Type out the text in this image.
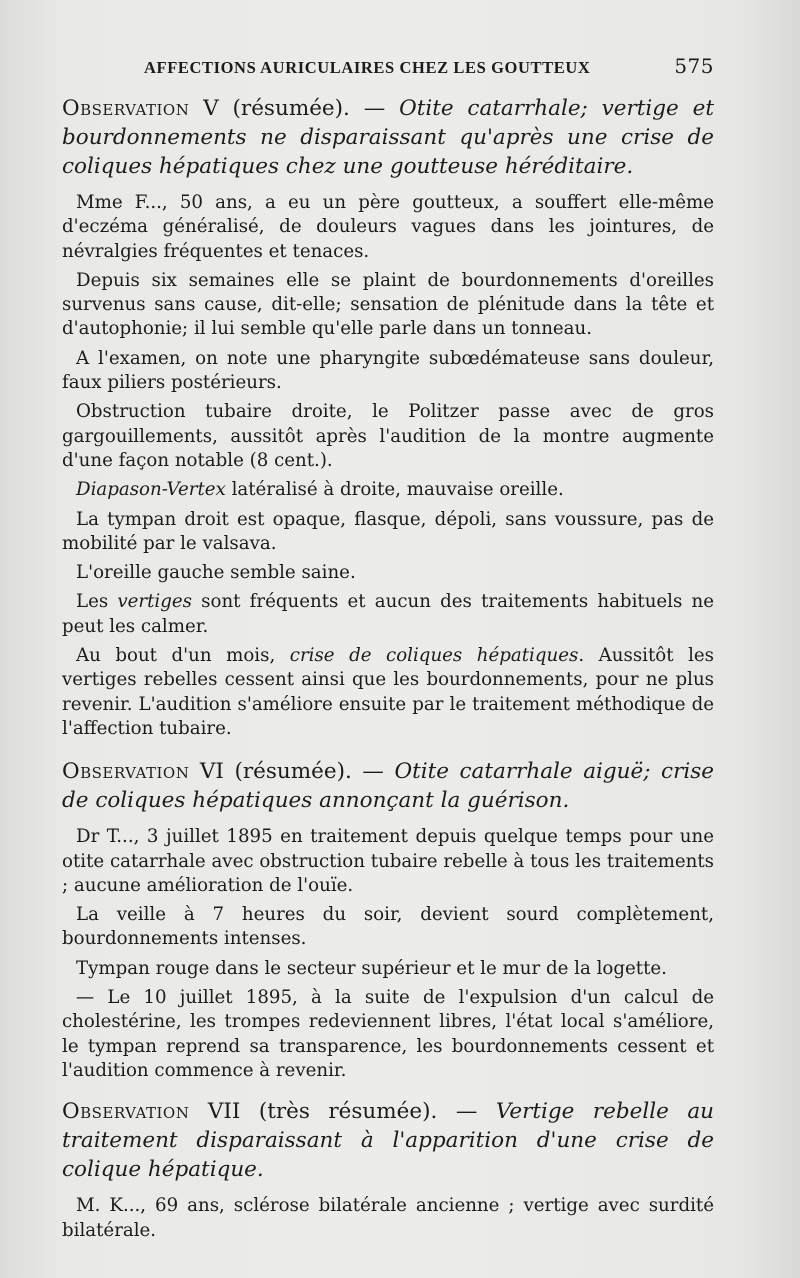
AFFECTIONS AURICULAIRES CHEZ LES GOUTTEUX	575
Observation V (résumée). — Otite catarrhale; vertige et bourdonnements ne disparaissant qu'après une crise de coliques hépatiques chez une goutteuse héréditaire.

Mme F..., 50 ans, a eu un père goutteux, a souffert elle-même d'eczéma généralisé, de douleurs vagues dans les jointures, de névralgies fréquentes et tenaces.

Depuis six semaines elle se plaint de bourdonnements d'oreilles survenus sans cause, dit-elle; sensation de plénitude dans la tête et d'autophonie; il lui semble qu'elle parle dans un tonneau.

A l'examen, on note une pharyngite subœdémateuse sans douleur, faux piliers postérieurs.

Obstruction tubaire droite, le Politzer passe avec de gros gargouillements, aussitôt après l'audition de la montre augmente d'une façon notable (8 cent.).

Diapason-Vertex latéralisé à droite, mauvaise oreille.

La tympan droit est opaque, flasque, dépoli, sans voussure, pas de mobilité par le valsava.

L'oreille gauche semble saine.

Les vertiges sont fréquents et aucun des traitements habituels ne peut les calmer.

Au bout d'un mois, crise de coliques hépatiques. Aussitôt les vertiges rebelles cessent ainsi que les bourdonnements, pour ne plus revenir. L'audition s'améliore ensuite par le traitement méthodique de l'affection tubaire.

Observation VI (résumée). — Otite catarrhale aiguë; crise de coliques hépatiques annonçant la guérison.

Dr T..., 3 juillet 1895 en traitement depuis quelque temps pour une otite catarrhale avec obstruction tubaire rebelle à tous les traitements ; aucune amélioration de l'ouïe.

La veille à 7 heures du soir, devient sourd complètement, bourdonnements intenses.

Tympan rouge dans le secteur supérieur et le mur de la logette.

— Le 10 juillet 1895, à la suite de l'expulsion d'un calcul de cholestérine, les trompes redeviennent libres, l'état local s'améliore, le tympan reprend sa transparence, les bourdonnements cessent et l'audition commence à revenir.

Observation VII (très résumée). — Vertige rebelle au traitement disparaissant à l'apparition d'une crise de colique hépatique.

M. K..., 69 ans, sclérose bilatérale ancienne ; vertige avec surdité bilatérale.
